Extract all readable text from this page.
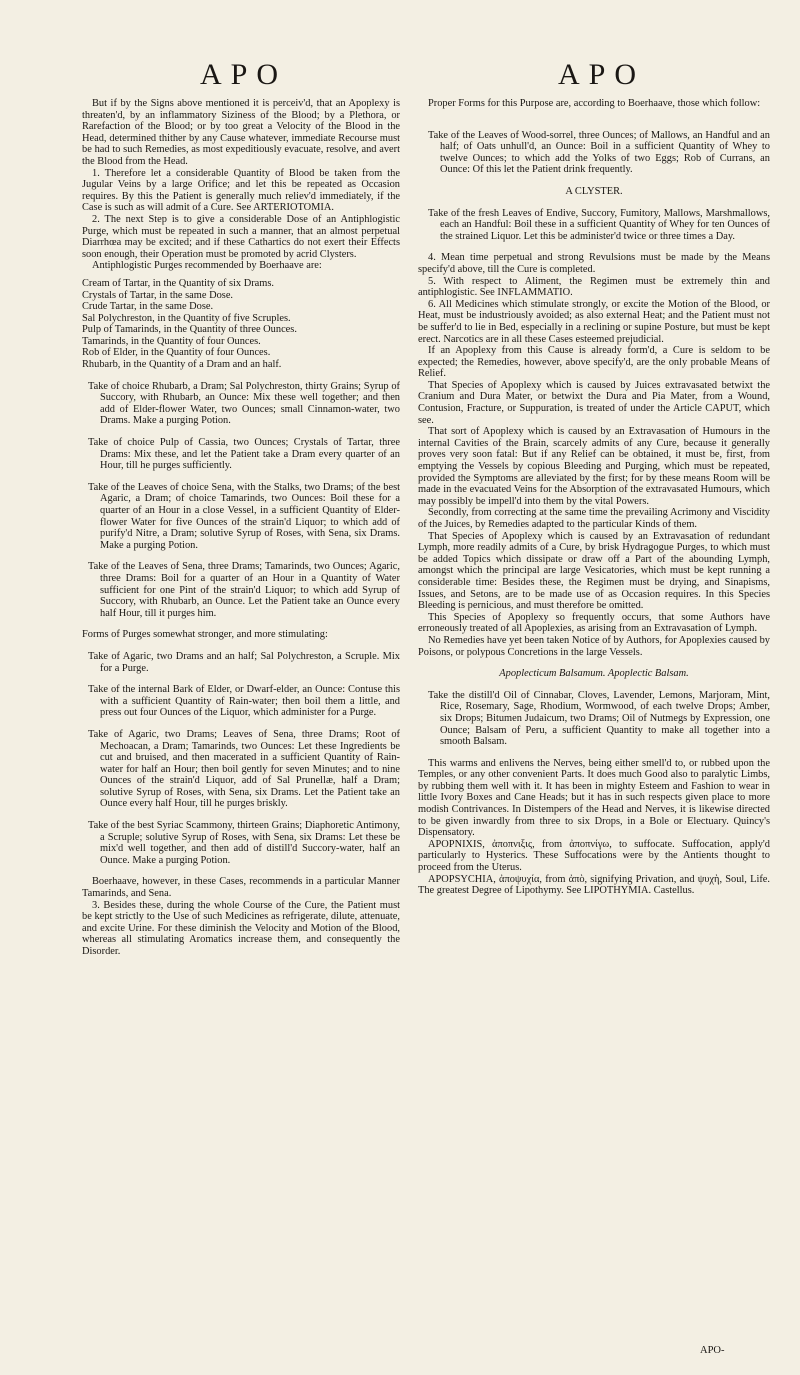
APO	APO

But if by the Signs above mentioned it is perceiv'd, that an Apoplexy is threaten'd, by an inflammatory Siziness of the Blood; by a Plethora, or Rarefaction of the Blood; or by too great a Velocity of the Blood in the Head, determined thither by any Cause whatever, immediate Recourse must be had to such Remedies, as most expeditiously evacuate, resolve, and avert the Blood from the Head.

1. Therefore let a considerable Quantity of Blood be taken from the Jugular Veins by a large Orifice; and let this be repeated as Occasion requires. By this the Patient is generally much reliev'd immediately, if the Case is such as will admit of a Cure. See ARTERIOTOMIA.

2. The next Step is to give a considerable Dose of an Antiphlogistic Purge, which must be repeated in such a manner, that an almost perpetual Diarrhœa may be excited; and if these Cathartics do not exert their Effects soon enough, their Operation must be promoted by acrid Clysters.

Antiphlogistic Purges recommended by Boerhaave are:

Cream of Tartar, in the Quantity of six Drams.
Crystals of Tartar, in the same Dose.
Crude Tartar, in the same Dose.
Sal Polychreston, in the Quantity of five Scruples.
Pulp of Tamarinds, in the Quantity of three Ounces.
Tamarinds, in the Quantity of four Ounces.
Rob of Elder, in the Quantity of four Ounces.
Rhubarb, in the Quantity of a Dram and an half.
Take of choice Rhubarb, a Dram; Sal Polychreston, thirty Grains; Syrup of Succory, with Rhubarb, an Ounce: Mix these well together; and then add of Elder-flower Water, two Ounces; small Cinnamon-water, two Drams. Make a purging Potion.
Take of choice Pulp of Cassia, two Ounces; Crystals of Tartar, three Drams: Mix these, and let the Patient take a Dram every quarter of an Hour, till he purges sufficiently.
Take of the Leaves of choice Sena, with the Stalks, two Drams; of the best Agaric, a Dram; of choice Tamarinds, two Ounces: Boil these for a quarter of an Hour in a close Vessel, in a sufficient Quantity of Elder-flower Water for five Ounces of the strain'd Liquor; to which add of purify'd Nitre, a Dram; solutive Syrup of Roses, with Sena, six Drams. Make a purging Potion.
Take of the Leaves of Sena, three Drams; Tamarinds, two Ounces; Agaric, three Drams: Boil for a quarter of an Hour in a Quantity of Water sufficient for one Pint of the strain'd Liquor; to which add Syrup of Succory, with Rhubarb, an Ounce. Let the Patient take an Ounce every half Hour, till it purges him.

Forms of Purges somewhat stronger, and more stimulating:

Take of Agaric, two Drams and an half; Sal Polychreston, a Scruple. Mix for a Purge.
Take of the internal Bark of Elder, or Dwarf-elder, an Ounce: Contuse this with a sufficient Quantity of Rain-water; then boil them a little, and press out four Ounces of the Liquor, which administer for a Purge.
Take of Agaric, two Drams; Leaves of Sena, three Drams; Root of Mechoacan, a Dram; Tamarinds, two Ounces: Let these Ingredients be cut and bruised, and then macerated in a sufficient Quantity of Rain-water for half an Hour; then boil gently for seven Minutes; and to nine Ounces of the strain'd Liquor, add of Sal Prunellæ, half a Dram; solutive Syrup of Roses, with Sena, six Drams. Let the Patient take an Ounce every half Hour, till he purges briskly.
Take of the best Syriac Scammony, thirteen Grains; Diaphoretic Antimony, a Scruple; solutive Syrup of Roses, with Sena, six Drams: Let these be mix'd well together, and then add of distill'd Succory-water, half an Ounce. Make a purging Potion.

Boerhaave, however, in these Cases, recommends in a particular Manner Tamarinds, and Sena.

3. Besides these, during the whole Course of the Cure, the Patient must be kept strictly to the Use of such Medicines as refrigerate, dilute, attenuate, and excite Urine. For these diminish the Velocity and Motion of the Blood, whereas all stimulating Aromatics increase them, and consequently the Disorder.

Proper Forms for this Purpose are, according to Boerhaave, those which follow:

Take of the Leaves of Wood-sorrel, three Ounces; of Mallows, an Handful and an half; of Oats unhull'd, an Ounce: Boil in a sufficient Quantity of Whey to twelve Ounces; to which add the Yolks of two Eggs; Rob of Currans, an Ounce: Of this let the Patient drink frequently.

A CLYSTER.

Take of the fresh Leaves of Endive, Succory, Fumitory, Mallows, Marshmallows, each an Handful: Boil these in a sufficient Quantity of Whey for ten Ounces of the strained Liquor. Let this be administer'd twice or three times a Day.

4. Mean time perpetual and strong Revulsions must be made by the Means specify'd above, till the Cure is completed.

5. With respect to Aliment, the Regimen must be extremely thin and antiphlogistic. See INFLAMMATIO.

6. All Medicines which stimulate strongly, or excite the Motion of the Blood, or Heat, must be industriously avoided; as also external Heat; and the Patient must not be suffer'd to lie in Bed, especially in a reclining or supine Posture, but must be kept erect. Narcotics are in all these Cases esteemed prejudicial.

If an Apoplexy from this Cause is already form'd, a Cure is seldom to be expected; the Remedies, however, above specify'd, are the only probable Means of Relief.

That Species of Apoplexy which is caused by Juices extravasated betwixt the Cranium and Dura Mater, or betwixt the Dura and Pia Mater, from a Wound, Contusion, Fracture, or Suppuration, is treated of under the Article CAPUT, which see.

That sort of Apoplexy which is caused by an Extravasation of Humours in the internal Cavities of the Brain, scarcely admits of any Cure, because it generally proves very soon fatal: But if any Relief can be obtained, it must be, first, from emptying the Vessels by copious Bleeding and Purging, which must be repeated, provided the Symptoms are alleviated by the first; for by these means Room will be made in the evacuated Veins for the Absorption of the extravasated Humours, which may possibly be impell'd into them by the vital Powers.

Secondly, from correcting at the same time the prevailing Acrimony and Viscidity of the Juices, by Remedies adapted to the particular Kinds of them.

That Species of Apoplexy which is caused by an Extravasation of redundant Lymph, more readily admits of a Cure, by brisk Hydragogue Purges, to which must be added Topics which dissipate or draw off a Part of the abounding Lymph, amongst which the principal are large Vesicatories, which must be kept running a considerable time: Besides these, the Regimen must be drying, and Sinapisms, Issues, and Setons, are to be made use of as Occasion requires. In this Species Bleeding is pernicious, and must therefore be omitted.

This Species of Apoplexy so frequently occurs, that some Authors have erroneously treated of all Apoplexies, as arising from an Extravasation of Lymph.

No Remedies have yet been taken Notice of by Authors, for Apoplexies caused by Poisons, or polypous Concretions in the large Vessels.

Apoplecticum Balsamum. Apoplectic Balsam.

Take the distill'd Oil of Cinnabar, Cloves, Lavender, Lemons, Marjoram, Mint, Rice, Rosemary, Sage, Rhodium, Wormwood, of each twelve Drops; Amber, six Drops; Bitumen Judaicum, two Drams; Oil of Nutmegs by Expression, one Ounce; Balsam of Peru, a sufficient Quantity to make all together into a smooth Balsam.

This warms and enlivens the Nerves, being either smell'd to, or rubbed upon the Temples, or any other convenient Parts. It does much Good also to paralytic Limbs, by rubbing them well with it. It has been in mighty Esteem and Fashion to wear in little Ivory Boxes and Cane Heads; but it has in such respects given place to more modish Contrivances. In Distempers of the Head and Nerves, it is likewise directed to be given inwardly from three to six Drops, in a Bole or Electuary. Quincy's Dispensatory.

APOPNIXIS, ἀποπνιξις, from ἀποπνίγω, to suffocate. Suffocation, apply'd particularly to Hysterics. These Suffocations were by the Antients thought to proceed from the Uterus.

APOPSYCHIA, ἀποψυχία, from ἀπὸ, signifying Privation, and ψυχὴ, Soul, Life. The greatest Degree of Lipothymy. See LIPOTHYMIA. Castellus.

APO-
